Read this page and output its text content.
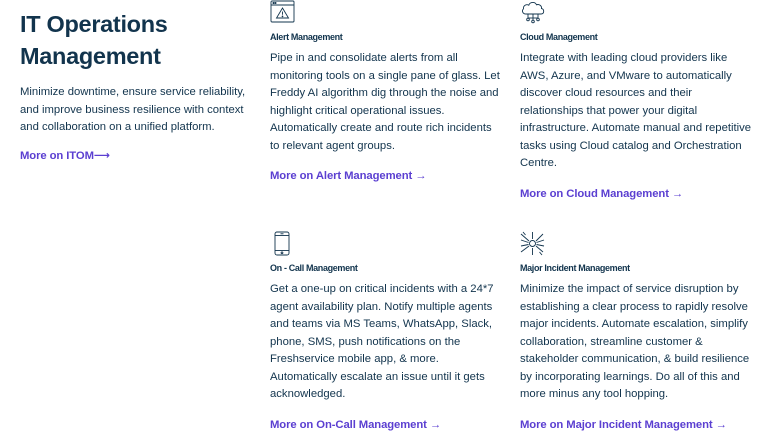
IT Operations Management

Minimize downtime, ensure service reliability, and improve business resilience with context and collaboration on a unified platform.

More on ITOM⟶
Alert Management

Pipe in and consolidate alerts from all monitoring tools on a single pane of glass. Let Freddy AI algorithm dig through the noise and highlight critical operational issues. Automatically create and route rich incidents to relevant agent groups.

More on Alert Management →
Cloud Management

Integrate with leading cloud providers like AWS, Azure, and VMware to automatically discover cloud resources and their relationships that power your digital infrastructure. Automate manual and repetitive tasks using Cloud catalog and Orchestration Centre.

More on Cloud Management →
On - Call Management

Get a one-up on critical incidents with a 24*7 agent availability plan. Notify multiple agents and teams via MS Teams, WhatsApp, Slack, phone, SMS, push notifications on the Freshservice mobile app, & more. Automatically escalate an issue until it gets acknowledged.

More on On-Call Management →
Major Incident Management

Minimize the impact of service disruption by establishing a clear process to rapidly resolve major incidents. Automate escalation, simplify collaboration, streamline customer & stakeholder communication, & build resilience by incorporating learnings. Do all of this and more minus any tool hopping.

More on Major Incident Management →
